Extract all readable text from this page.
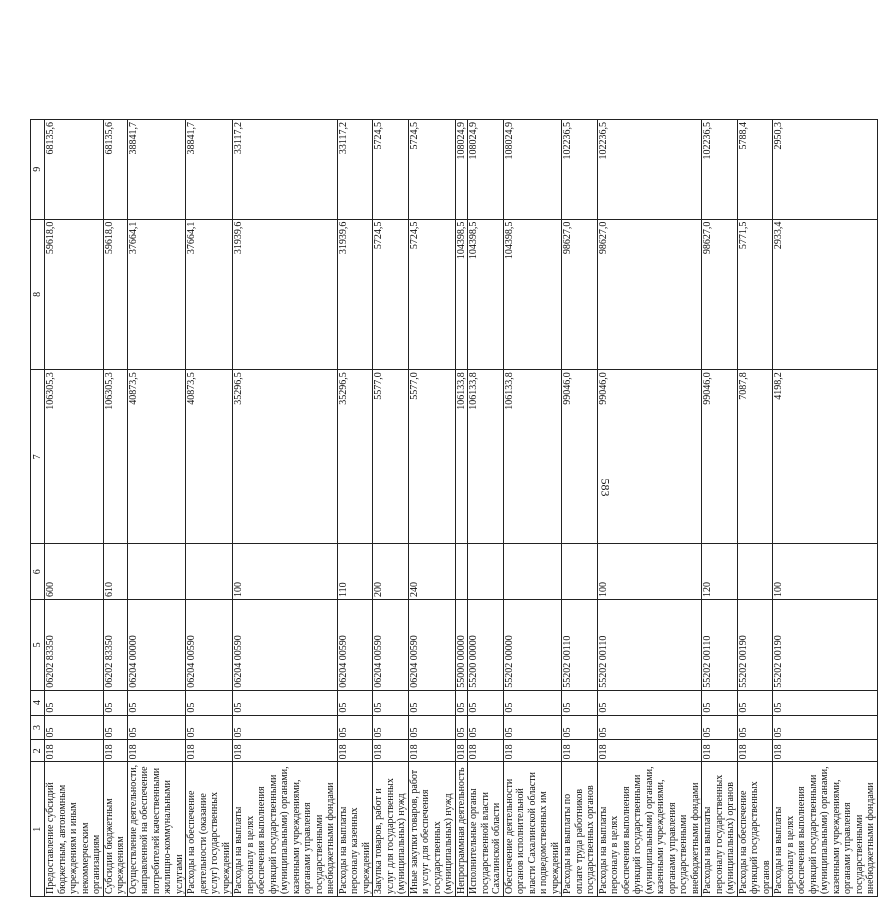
583
1	2	3	4	5	6	7	8	9
Предоставление субсидий бюджетным, автономным учреждениям и иным некоммерческим организациям	018	05	05	06202 83350	600	106305,3	59618,0	68135,6
Субсидии бюджетным учреждениям	018	05	05	06202 83350	610	106305,3	59618,0	68135,6
Осуществление деятельности, направленной на обеспечение потребителей качественными жилищно-коммунальными услугами	018	05	05	06204 00000		40873,5	37664,1	38841,7
Расходы на обеспечение деятельности (оказание услуг) государственных учреждений	018	05	05	06204 00590		40873,5	37664,1	38841,7
Расходы на выплаты персоналу в целях обеспечения выполнения функций государственными (муниципальными) органами, казенными учреждениями, органами управления государственными внебюджетными фондами	018	05	05	06204 00590	100	35296,5	31939,6	33117,2
Расходы на выплаты персоналу казенных учреждений	018	05	05	06204 00590	110	35296,5	31939,6	33117,2
Закупка товаров, работ и услуг для государственных (муниципальных) нужд	018	05	05	06204 00590	200	5577,0	5724,5	5724,5
Иные закупки товаров, работ и услуг для обеспечения государственных (муниципальных) нужд	018	05	05	06204 00590	240	5577,0	5724,5	5724,5
Непрограммная деятельность	018	05	05	55000 00000		106133,8	104398,5	108024,9
Исполнительные органы государственной власти Сахалинской области	018	05	05	55200 00000		106133,8	104398,5	108024,9
Обеспечение деятельности органов исполнительной власти Сахалинской области и подведомственных им учреждений	018	05	05	55202 00000		106133,8	104398,5	108024,9
Расходы на выплаты по оплате труда работников государственных органов	018	05	05	55202 00110		99046,0	98627,0	102236,5
Расходы на выплаты персоналу в целях обеспечения выполнения функций государственными (муниципальными) органами, казенными учреждениями, органами управления государственными внебюджетными фондами	018	05	05	55202 00110	100	99046,0	98627,0	102236,5
Расходы на выплаты персоналу государственных (муниципальных) органов	018	05	05	55202 00110	120	99046,0	98627,0	102236,5
Расходы на обеспечение функций государственных органов	018	05	05	55202 00190		7087,8	5771,5	5788,4
Расходы на выплаты персоналу в целях обеспечения выполнения функций государственными (муниципальными) органами, казенными учреждениями, органами управления государственными внебюджетными фондами	018	05	05	55202 00190	100	4198,2	2933,4	2950,3
